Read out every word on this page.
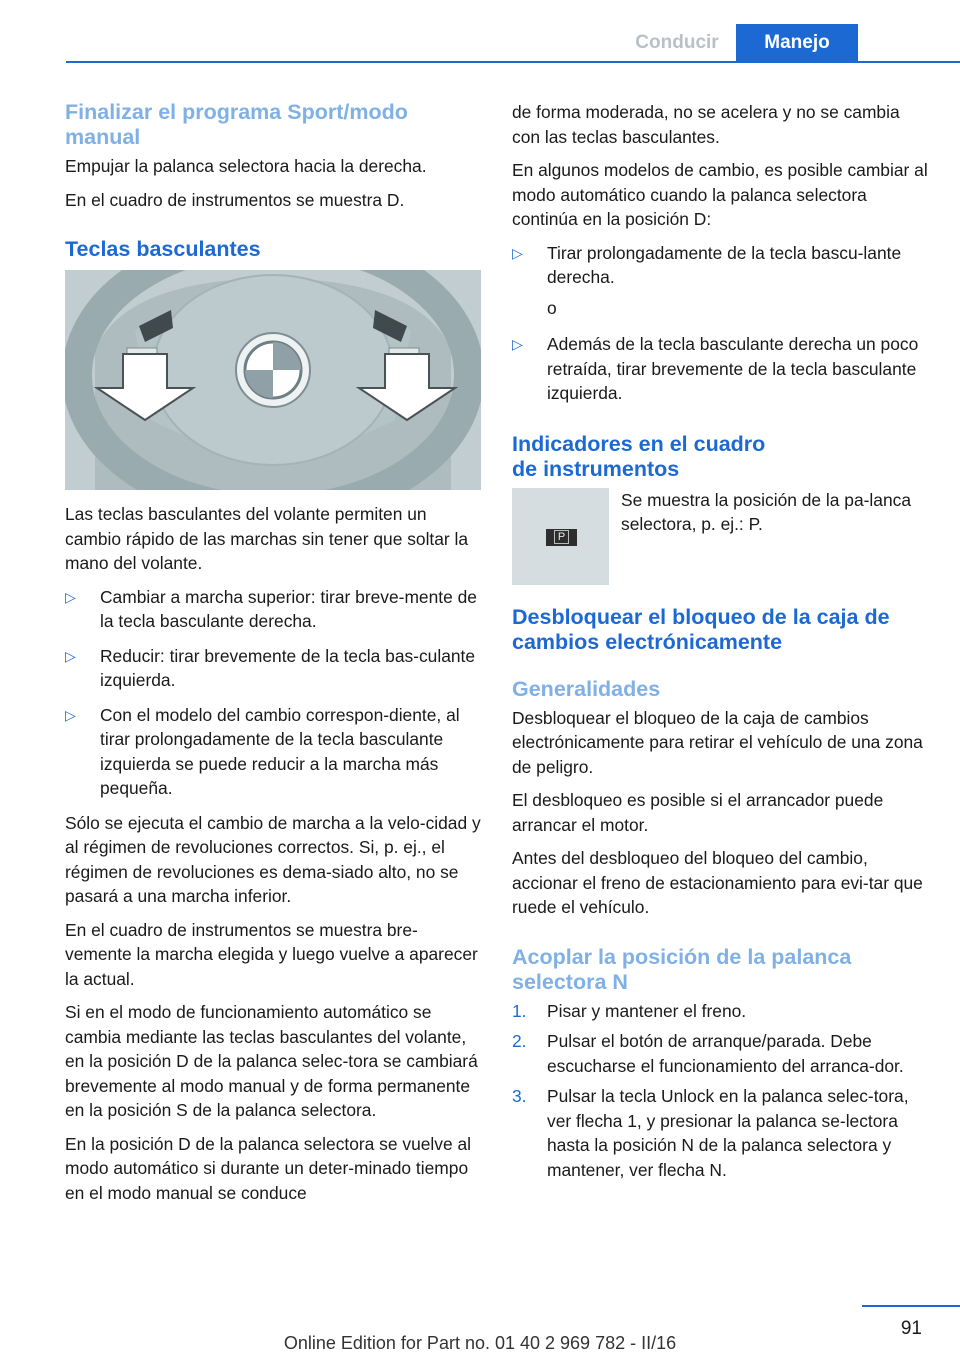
Conducir	Manejo
Finalizar el programa Sport/modo manual

Empujar la palanca selectora hacia la derecha.

En el cuadro de instrumentos se muestra D.

Teclas basculantes

Las teclas basculantes del volante permiten un cambio rápido de las marchas sin tener que soltar la mano del volante.

▷ Cambiar a marcha superior: tirar breve‐mente de la tecla basculante derecha.
▷ Reducir: tirar brevemente de la tecla bas‐culante izquierda.
▷ Con el modelo del cambio correspon‐diente, al tirar prolongadamente de la tecla basculante izquierda se puede reducir a la marcha más pequeña.

Sólo se ejecuta el cambio de marcha a la velo‐cidad y al régimen de revoluciones correctos. Si, p. ej., el régimen de revoluciones es dema‐siado alto, no se pasará a una marcha inferior.

En el cuadro de instrumentos se muestra bre‐vemente la marcha elegida y luego vuelve a aparecer la actual.

Si en el modo de funcionamiento automático se cambia mediante las teclas basculantes del volante, en la posición D de la palanca selec‐tora se cambiará brevemente al modo manual y de forma permanente en la posición S de la palanca selectora.

En la posición D de la palanca selectora se vuelve al modo automático si durante un deter‐minado tiempo en el modo manual se conduce

de forma moderada, no se acelera y no se cambia con las teclas basculantes.

En algunos modelos de cambio, es posible cambiar al modo automático cuando la palanca selectora continúa en la posición D:

▷ Tirar prolongadamente de la tecla bascu‐lante derecha.
o
▷ Además de la tecla basculante derecha un poco retraída, tirar brevemente de la tecla basculante izquierda.
Indicadores en el cuadro
de instrumentos
P
Se muestra la posición de la pa‐lanca selectora, p. ej.: P.
Desbloquear el bloqueo de la caja de cambios electrónicamente
Generalidades

Desbloquear el bloqueo de la caja de cambios electrónicamente para retirar el vehículo de una zona de peligro.

El desbloqueo es posible si el arrancador puede arrancar el motor.

Antes del desbloqueo del bloqueo del cambio, accionar el freno de estacionamiento para evi‐tar que ruede el vehículo.

Acoplar la posición de la palanca selectora N
1. Pisar y mantener el freno.
2. Pulsar el botón de arranque/parada. Debe escucharse el funcionamiento del arranca‐dor.
3. Pulsar la tecla Unlock en la palanca selec‐tora, ver flecha 1, y presionar la palanca se‐lectora hasta la posición N de la palanca selectora y mantener, ver flecha N.
91
Online Edition for Part no. 01 40 2 969 782 - II/16
